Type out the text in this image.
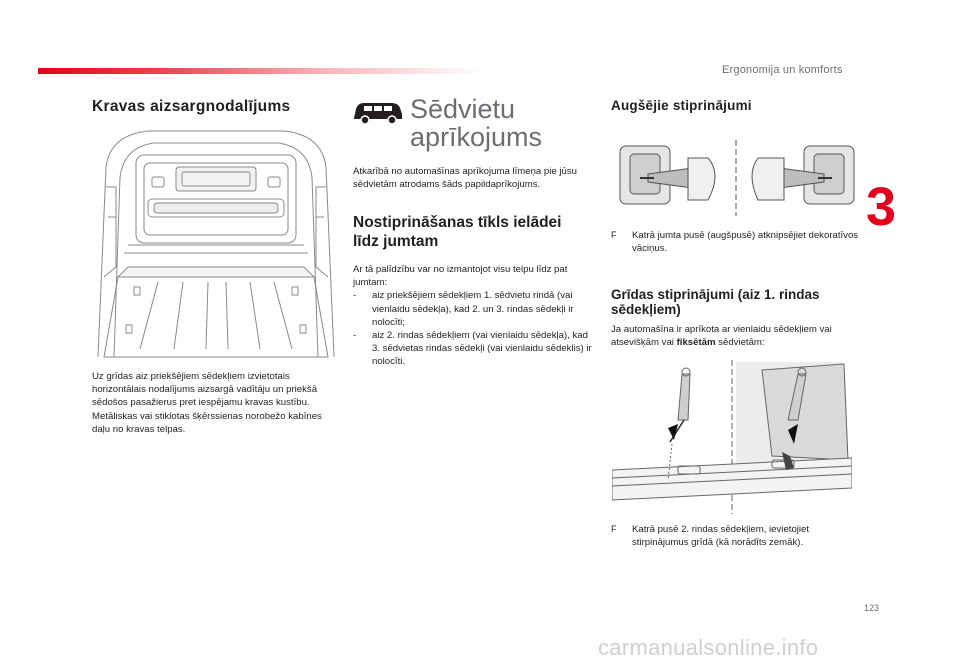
Ergonomija un komforts
3
123
Kravas aizsargnodalījums

Uz grīdas aiz priekšējiem sēdekļiem izvietotais horizontālais nodalījums aizsargā vadītāju un priekšā sēdošos pasažierus pret iespējamu kravas kustību.
Metāliskas vai stiklotas šķērssienas norobežo kabīnes daļu no kravas telpas.

Sēdvietu
aprīkojums

Atkarībā no automašīnas aprīkojuma līmeņa pie jūsu sēdvietām atrodams šāds papildaprīkojums.

Nostiprināšanas tīkls ielādei līdz jumtam

Ar tā palīdzību var no izmantojot visu telpu līdz pat jumtam:

-	aiz priekšējiem sēdekļiem 1. sēdvietu rindā (vai vienlaidu sēdekļa), kad 2. un 3. rindas sēdekļi ir nolocīti;

-	aiz 2. rindas sēdekļiem (vai vienlaidu sēdekļa), kad 3. sēdvietas rindas sēdekļi (vai vienlaidu sēdeklis) ir nolocīti.

Augšējie stiprinājumi
F	Katrā jumta pusē (augšpusē) atknipsējiet dekoratīvos vāciņus.
Grīdas stiprinājumi (aiz 1. rindas sēdekļiem)

Ja automašīna ir aprīkota ar vienlaidu sēdekļiem vai atsevišķām vai fiksētām sēdvietām:

F	Katrā pusē 2. rindas sēdekļiem, ievietojiet stirpinājumus grīdā (kā norādīts zemāk).
carmanualsonline.info
